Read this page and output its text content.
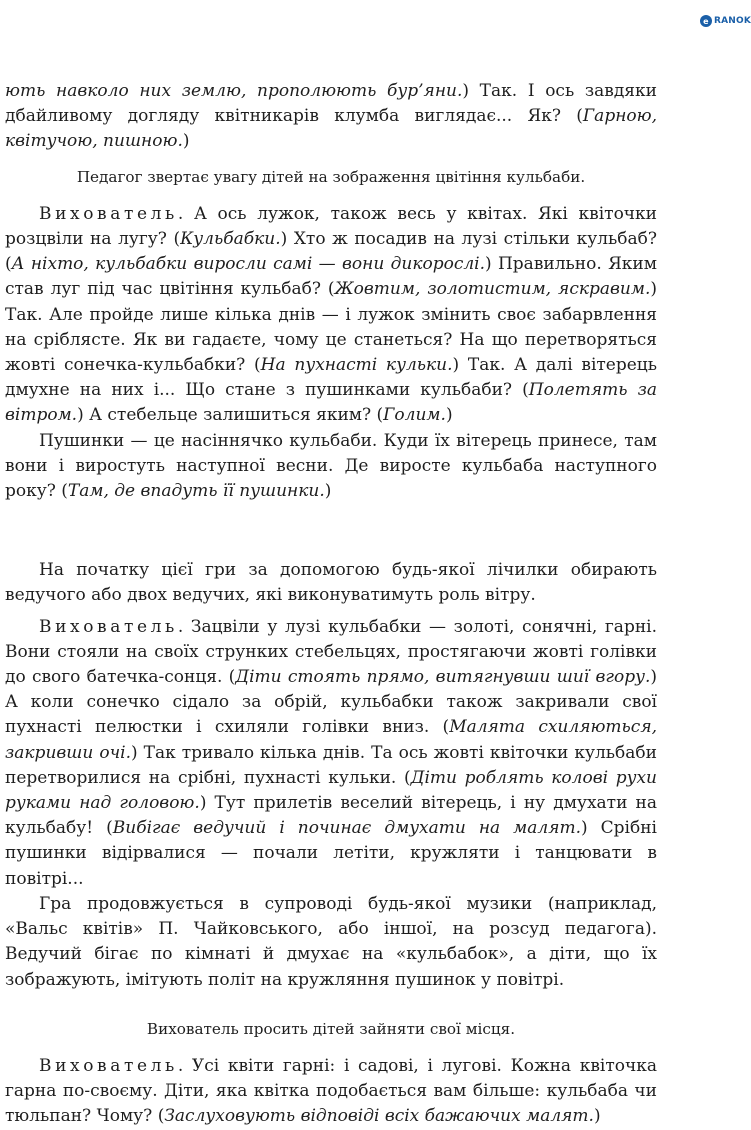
e RANOK

ють навколо них землю, прополюють бур’яни.) Так. І ось завдяки дбайливому догляду квітникарів клумба виглядає... Як? (Гарною, квітучою, пишною.)

Педагог звертає увагу дітей на зображення цвітіння кульбаби.

Вихователь. А ось лужок, також весь у квітах. Які квіточки розцвіли на лугу? (Кульбабки.) Хто ж посадив на лузі стільки кульбаб? (А ніхто, кульбабки виросли самі — вони дикорослі.) Правильно. Яким став луг під час цвітіння кульбаб? (Жовтим, золотистим, яскравим.) Так. Але пройде лише кілька днів — і лужок змінить своє забарвлення на сріблясте. Як ви гадаєте, чому це станеться? На що перетворяться жовті сонечка-кульбабки? (На пухнасті кульки.) Так. А далі вітерець дмухне на них і... Що стане з пушинками кульбаби? (Полетять за вітром.) А стебельце залишиться яким? (Голим.)

Пушинки — це насіннячко кульбаби. Куди їх вітерець принесе, там вони і виростуть наступної весни. Де виросте кульбаба наступного року? (Там, де впадуть її пушинки.)

На початку цієї гри за допомогою будь-якої лічилки обирають ведучого або двох ведучих, які виконуватимуть роль вітру.

Вихователь. Зацвіли у лузі кульбабки — золоті, сонячні, гарні. Вони стояли на своїх струнких стебельцях, простягаючи жовті голівки до свого батечка-сонця. (Діти стоять прямо, витягнувши шиї вгору.) А коли сонечко сідало за обрій, кульбабки також закривали свої пухнасті пелюстки і схиляли голівки вниз. (Малята схиляються, закривши очі.) Так тривало кілька днів. Та ось жовті квіточки кульбаби перетворилися на срібні, пухнасті кульки. (Діти роблять колові рухи руками над головою.) Тут прилетів веселий вітерець, і ну дмухати на кульбабу! (Вибігає ведучий і починає дмухати на малят.) Срібні пушинки відірвалися — почали летіти, кружляти і танцювати в повітрі...

Гра продовжується в супроводі будь-якої музики (наприклад, «Вальс квітів» П. Чайковського, або іншої, на розсуд педагога). Ведучий бігає по кімнаті й дмухає на «кульбабок», а діти, що їх зображують, імітують політ на кружляння пушинок у повітрі.

Вихователь просить дітей зайняти свої місця.

Вихователь. Усі квіти гарні: і садові, і лугові. Кожна квіточка гарна по-своєму. Діти, яка квітка подобається вам більше: кульбаба чи тюльпан? Чому? (Заслуховують відповіді всіх бажаючих малят.)
